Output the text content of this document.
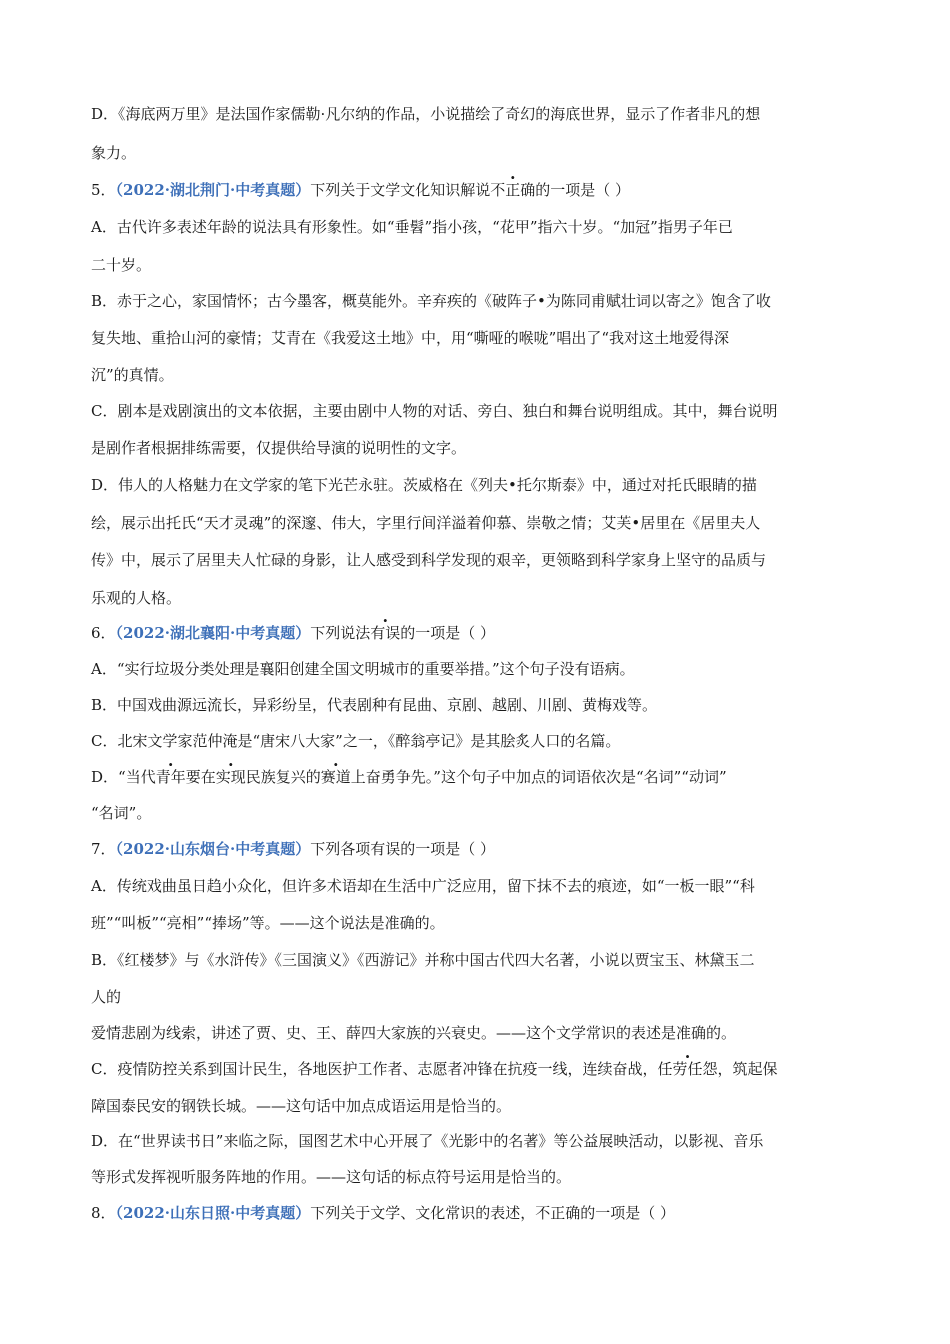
D．《海底两万里》是法国作家儒勒·凡尔纳的作品，小说描绘了奇幻的海底世界，显示了作者非凡的想
象力。
5．（2022·湖北荆门·中考真题）下列关于文学文化知识解说不正确的一项是（ ）
A．古代许多表述年龄的说法具有形象性。如“垂髫”指小孩，“花甲”指六十岁。“加冠”指男子年已
二十岁。
B．赤于之心，家国情怀；古今墨客，概莫能外。辛弃疾的《破阵子•为陈同甫赋壮词以寄之》饱含了收
复失地、重拾山河的豪情；艾青在《我爱这土地》中，用“嘶哑的喉咙”唱出了“我对这土地爱得深
沉”的真情。
C．剧本是戏剧演出的文本依据，主要由剧中人物的对话、旁白、独白和舞台说明组成。其中，舞台说明
是剧作者根据排练需要，仅提供给导演的说明性的文字。
D．伟人的人格魅力在文学家的笔下光芒永驻。茨威格在《列夫•托尔斯泰》中，通过对托氏眼睛的描
绘，展示出托氏“天才灵魂”的深邃、伟大，字里行间洋溢着仰慕、崇敬之情；艾芙•居里在《居里夫人
传》中，展示了居里夫人忙碌的身影，让人感受到科学发现的艰辛，更领略到科学家身上坚守的品质与
乐观的人格。
6．（2022·湖北襄阳·中考真题）下列说法有误的一项是（ ）
A．“实行垃圾分类处理是襄阳创建全国文明城市的重要举措。”这个句子没有语病。
B．中国戏曲源远流长，异彩纷呈，代表剧种有昆曲、京剧、越剧、川剧、黄梅戏等。
C．北宋文学家范仲淹是“唐宋八大家”之一，《醉翁亭记》是其脍炙人口的名篇。
D．“当代青年要在实现民族复兴的赛道上奋勇争先。”这个句子中加点的词语依次是“名词”“动词”
“名词”。
7．（2022·山东烟台·中考真题）下列各项有误的一项是（ ）
A．传统戏曲虽日趋小众化，但许多术语却在生活中广泛应用，留下抹不去的痕迹，如“一板一眼”“科
班”“叫板”“亮相”“捧场”等。——这个说法是准确的。
B．《红楼梦》与《水浒传》《三国演义》《西游记》并称中国古代四大名著，小说以贾宝玉、林黛玉二
人的
爱情悲剧为线索，讲述了贾、史、王、薛四大家族的兴衰史。——这个文学常识的表述是准确的。
C．疫情防控关系到国计民生，各地医护工作者、志愿者冲锋在抗疫一线，连续奋战，任劳任怨，筑起保
障国泰民安的钢铁长城。——这句话中加点成语运用是恰当的。
D．在“世界读书日”来临之际，国图艺术中心开展了《光影中的名著》等公益展映活动，以影视、音乐
等形式发挥视听服务阵地的作用。——这句话的标点符号运用是恰当的。
8．（2022·山东日照·中考真题）下列关于文学、文化常识的表述，不正确的一项是（ ）
